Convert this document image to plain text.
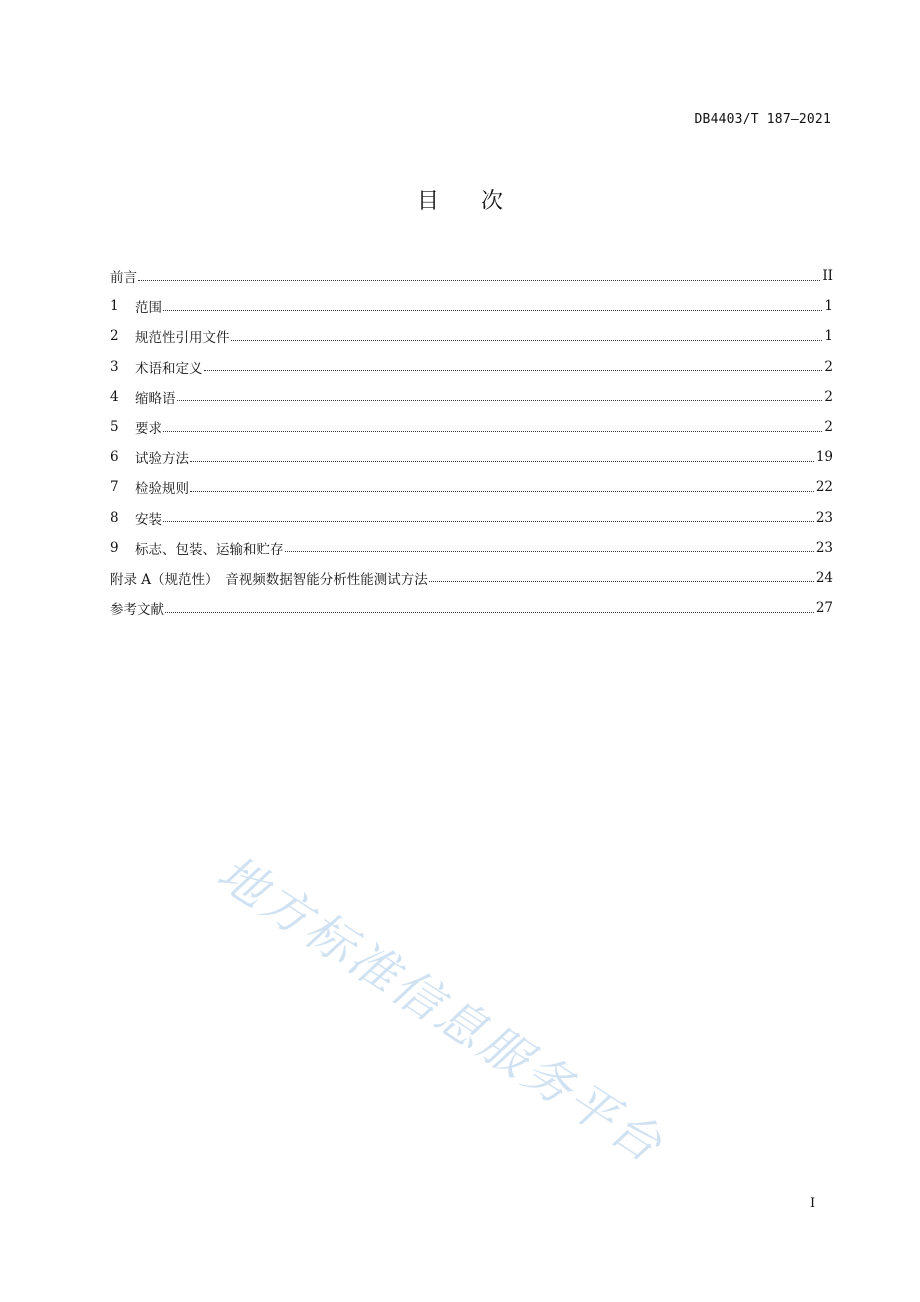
DB4403/T 187—2021
目 次
前言	II
1	范围	1
2	规范性引用文件	1
3	术语和定义	2
4	缩略语	2
5	要求	2
6	试验方法	19
7	检验规则	22
8	安装	23
9	标志、包装、运输和贮存	23
附录 A（规范性）　音视频数据智能分析性能测试方法	24
参考文献	27
地方标准信息服务平台
I
